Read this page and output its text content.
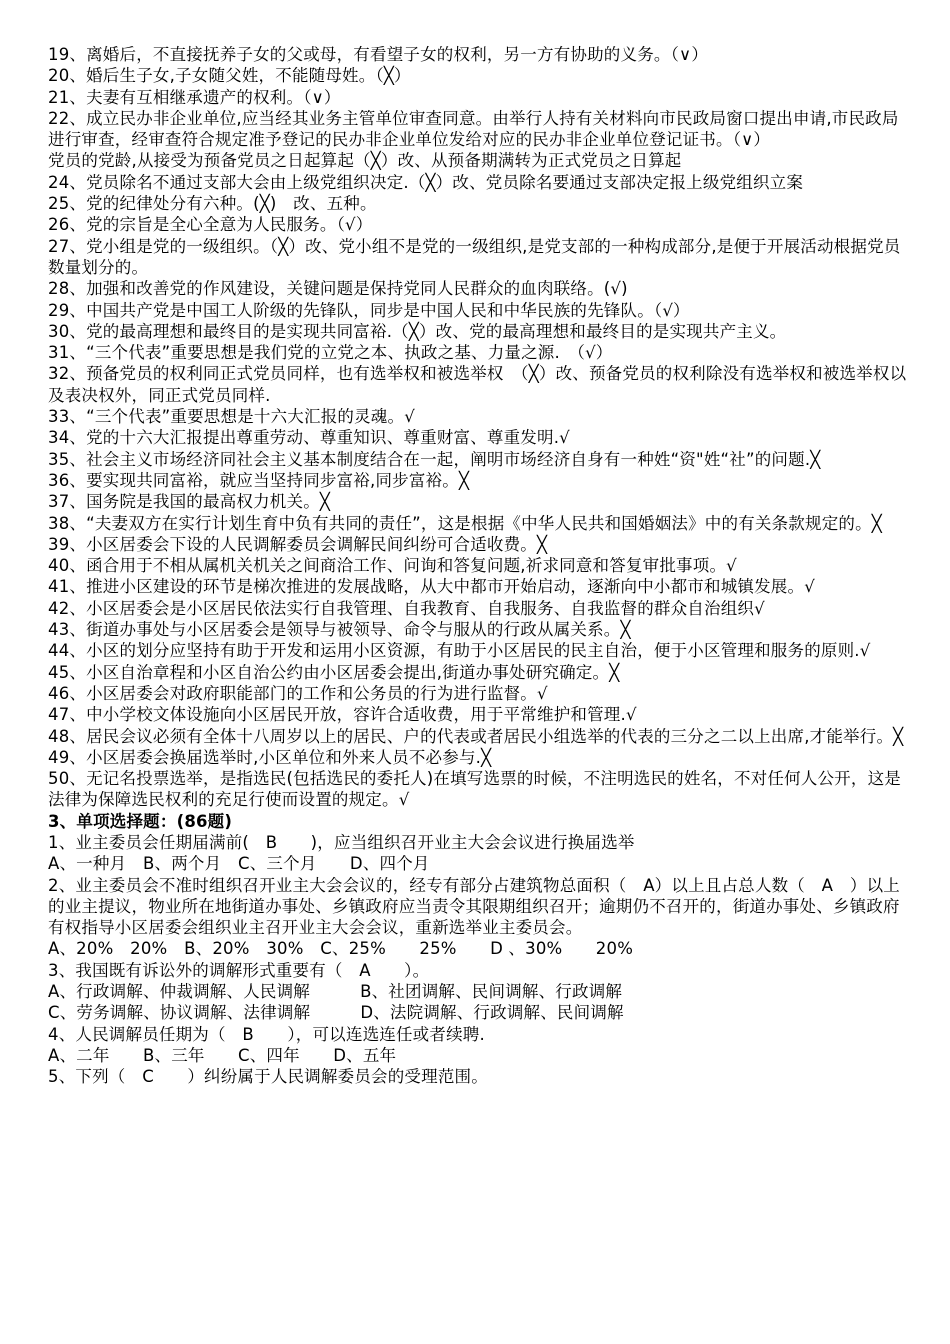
19、离婚后，不直接抚养子女的父或母，有看望子女的权利，另一方有协助的义务。（∨）
20、婚后生子女,子女随父姓，不能随母姓。（╳）
21、夫妻有互相继承遗产的权利。（∨）
22、成立民办非企业单位,应当经其业务主管单位审查同意。由举行人持有关材料向市民政局窗口提出申请,市民政局进行审查，经审查符合规定准予登记的民办非企业单位发给对应的民办非企业单位登记证书。（∨）
党员的党龄,从接受为预备党员之日起算起（╳）改、从预备期满转为正式党员之日算起
24、党员除名不通过支部大会由上级党组织决定.（╳）改、党员除名要通过支部决定报上级党组织立案
25、党的纪律处分有六种。(╳)　改、五种。
26、党的宗旨是全心全意为人民服务。（√）
27、党小组是党的一级组织。（╳）改、党小组不是党的一级组织,是党支部的一种构成部分,是便于开展活动根据党员数量划分的。
28、加强和改善党的作风建设，关键问题是保持党同人民群众的血肉联络。(√)
29、中国共产党是中国工人阶级的先锋队，同步是中国人民和中华民族的先锋队。（√）
30、党的最高理想和最终目的是实现共同富裕.（╳）改、党的最高理想和最终目的是实现共产主义。
31、“三个代表”重要思想是我们党的立党之本、执政之基、力量之源.　（√）
32、预备党员的权利同正式党员同样，也有选举权和被选举权　（╳）改、预备党员的权利除没有选举权和被选举权以及表决权外，同正式党员同样.
33、“三个代表”重要思想是十六大汇报的灵魂。√
34、党的十六大汇报提出尊重劳动、尊重知识、尊重财富、尊重发明.√
35、社会主义市场经济同社会主义基本制度结合在一起，阐明市场经济自身有一种姓“资"姓“社”的问题.╳
36、要实现共同富裕，就应当坚持同步富裕,同步富裕。╳
37、国务院是我国的最高权力机关。╳
38、“夫妻双方在实行计划生育中负有共同的责任”，这是根据《中华人民共和国婚姻法》中的有关条款规定的。╳
39、小区居委会下设的人民调解委员会调解民间纠纷可合适收费。╳
40、函合用于不相从属机关机关之间商洽工作、问询和答复问题,祈求同意和答复审批事项。√
41、推进小区建设的环节是梯次推进的发展战略，从大中都市开始启动，逐渐向中小都市和城镇发展。√
42、小区居委会是小区居民依法实行自我管理、自我教育、自我服务、自我监督的群众自治组织√
43、街道办事处与小区居委会是领导与被领导、命令与服从的行政从属关系。╳
44、小区的划分应坚持有助于开发和运用小区资源，有助于小区居民的民主自治，便于小区管理和服务的原则.√
45、小区自治章程和小区自治公约由小区居委会提出,街道办事处研究确定。╳
46、小区居委会对政府职能部门的工作和公务员的行为进行监督。√
47、中小学校文体设施向小区居民开放，容许合适收费，用于平常维护和管理.√
48、居民会议必须有全体十八周岁以上的居民、户的代表或者居民小组选举的代表的三分之二以上出席,才能举行。╳
49、小区居委会换届选举时,小区单位和外来人员不必参与.╳
50、无记名投票选举，是指选民(包括选民的委托人)在填写选票的时候，不注明选民的姓名，不对任何人公开，这是法律为保障选民权利的充足行使而设置的规定。√
3、单项选择题：(86题)
1、业主委员会任期届满前(　B　　)，应当组织召开业主大会会议进行换届选举
A、一种月　B、两个月　C、三个月　　D、四个月
2、业主委员会不准时组织召开业主大会会议的，经专有部分占建筑物总面积（　A）以上且占总人数（　A　）以上的业主提议，物业所在地街道办事处、乡镇政府应当责令其限期组织召开；逾期仍不召开的，街道办事处、乡镇政府有权指导小区居委会组织业主召开业主大会会议，重新选举业主委员会。
A、20%　20%　B、20%　30%　C、25%　　25%　　D 、30%　　20%
3、我国既有诉讼外的调解形式重要有（　A　　）。
A、行政调解、仲裁调解、人民调解　　　B、社团调解、民间调解、行政调解
C、劳务调解、协议调解、法律调解　　　D、法院调解、行政调解、民间调解
4、人民调解员任期为（　B　　），可以连选连任或者续聘.
A、二年　　B、三年　　C、四年　　D、五年
5、下列（　C　　）纠纷属于人民调解委员会的受理范围。
